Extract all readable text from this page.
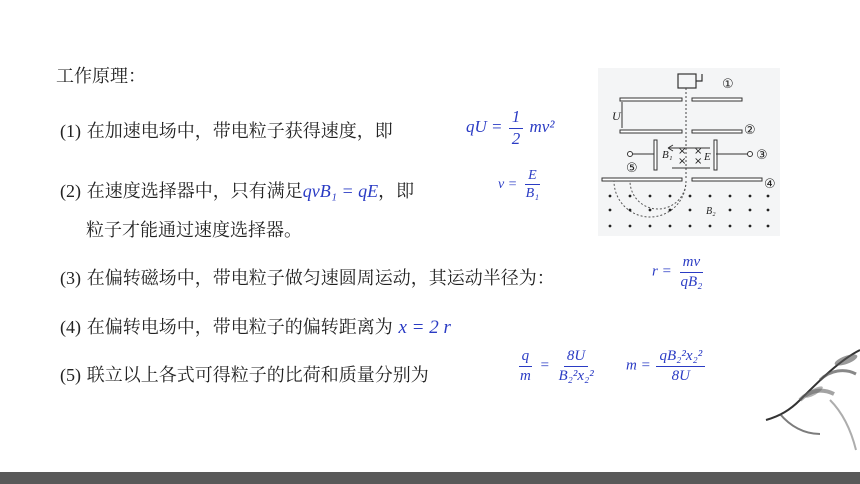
工作原理：
(1) 在加速电场中，带电粒子获得速度，即	qU = $\frac{1}{2} mv^2$
(2) 在速度选择器中，只有满足qvB₁ = qE，即	$v = \frac{E}{\text{B₁}}$
粒子才能通过速度选择器。
(3) 在偏转磁场中，带电粒子做匀速圆周运动，其运动半径为：	$r = \frac{mv}{\text{qB₂}}$
(4) 在偏转电场中，带电粒子的偏转距离为 x = 2 r
(5) 联立以上各式可得粒子的比荷和质量分别为	$\frac{q}{m} = \frac{8U}{\text{B₂²x₂²}}$ $m = \frac{\text{qB₂²x₂²}}{8U}$
①
②
U
B₁	E
× ×
× ×	③
⑤
④
B₂
